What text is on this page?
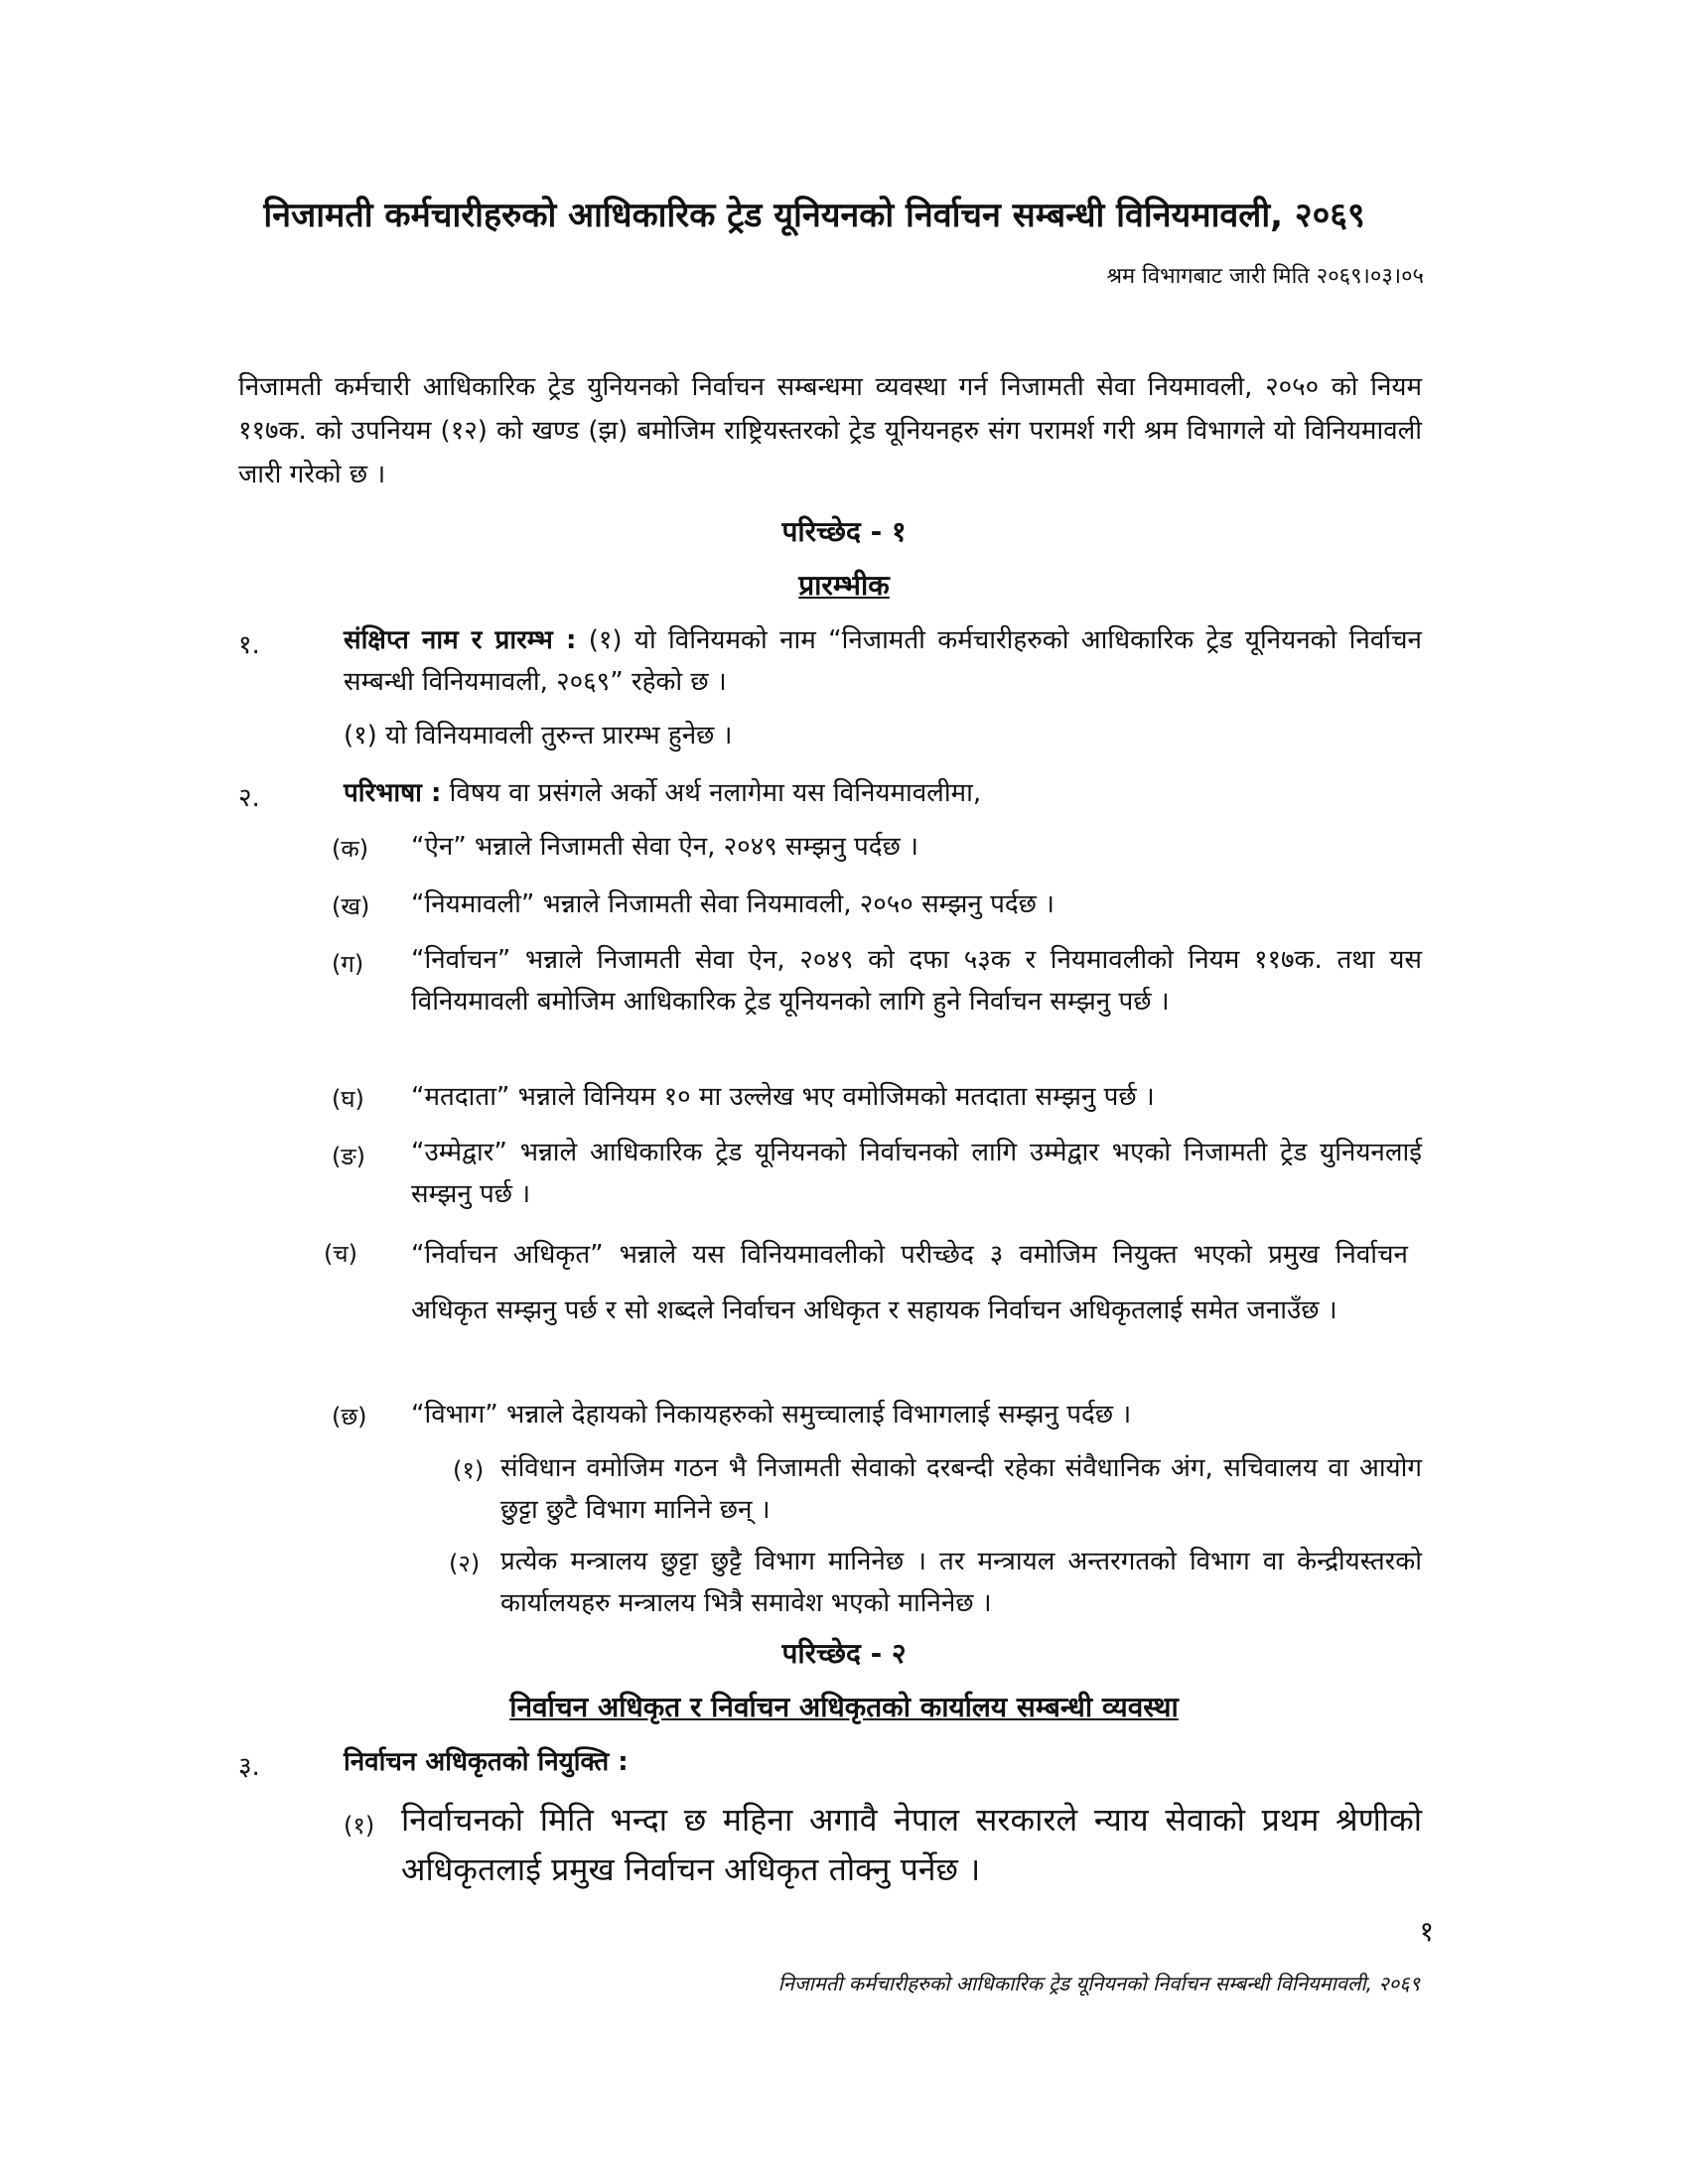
निजामती कर्मचारीहरुको आधिकारिक ट्रेड यूनियनको निर्वाचन सम्बन्धी विनियमावली, २०६९
श्रम विभागबाट जारी मिति २०६९।०३।०५
निजामती कर्मचारी आधिकारिक ट्रेड युनियनको निर्वाचन सम्बन्धमा व्यवस्था गर्न निजामती सेवा नियमावली, २०५० को नियम ११७क. को उपनियम (१२) को खण्ड (झ) बमोजिम राष्ट्रियस्तरको ट्रेड यूनियनहरु संग परामर्श गरी श्रम विभागले यो विनियमावली जारी गरेको छ ।
परिच्छेद - १
प्रारम्भीक
१.	संक्षिप्त नाम र प्रारम्भ : (१) यो विनियमको नाम “निजामती कर्मचारीहरुको आधिकारिक ट्रेड यूनियनको निर्वाचन सम्बन्धी विनियमावली, २०६९” रहेको छ ।
(१) यो विनियमावली तुरुन्त प्रारम्भ हुनेछ ।
२.	परिभाषा : विषय वा प्रसंगले अर्को अर्थ नलागेमा यस विनियमावलीमा,
(क) “ऐन” भन्नाले निजामती सेवा ऐन, २०४९ सम्झनु पर्दछ ।
(ख) “नियमावली” भन्नाले निजामती सेवा नियमावली, २०५० सम्झनु पर्दछ ।
(ग) “निर्वाचन” भन्नाले निजामती सेवा ऐन, २०४९ को दफा ५३क र नियमावलीको नियम ११७क. तथा यस विनियमावली बमोजिम आधिकारिक ट्रेड यूनियनको लागि हुने निर्वाचन सम्झनु पर्छ ।
(घ) “मतदाता” भन्नाले विनियम १० मा उल्लेख भए वमोजिमको मतदाता सम्झनु पर्छ ।
(ङ) “उम्मेद्वार” भन्नाले आधिकारिक ट्रेड यूनियनको निर्वाचनको लागि उम्मेद्वार भएको निजामती ट्रेड युनियनलाई सम्झनु पर्छ ।
(च) “निर्वाचन अधिकृत” भन्नाले यस विनियमावलीको परीच्छेद ३ वमोजिम नियुक्त भएको प्रमुख निर्वाचन अधिकृत सम्झनु पर्छ र सो शब्दले निर्वाचन अधिकृत र सहायक निर्वाचन अधिकृतलाई समेत जनाउँछ ।
(छ) “विभाग” भन्नाले देहायको निकायहरुको समुच्चालाई विभागलाई सम्झनु पर्दछ ।
(१) संविधान वमोजिम गठन भै निजामती सेवाको दरबन्दी रहेका संवैधानिक अंग, सचिवालय वा आयोग छुट्टा छुटै विभाग मानिने छन् ।
(२) प्रत्येक मन्त्रालय छुट्टा छुट्टै विभाग मानिनेछ । तर मन्त्रायल अन्तरगतको विभाग वा केन्द्रीयस्तरको कार्यालयहरु मन्त्रालय भित्रै समावेश भएको मानिनेछ ।
परिच्छेद - २
निर्वाचन अधिकृत र निर्वाचन अधिकृतको कार्यालय सम्बन्धी व्यवस्था
३.	निर्वाचन अधिकृतको नियुक्ति :
(१) निर्वाचनको मिति भन्दा छ महिना अगावै नेपाल सरकारले न्याय सेवाको प्रथम श्रेणीको अधिकृतलाई प्रमुख निर्वाचन अधिकृत तोक्नु पर्नेछ ।
१
निजामती कर्मचारीहरुको आधिकारिक ट्रेड यूनियनको निर्वाचन सम्बन्धी विनियमावली, २०६९
